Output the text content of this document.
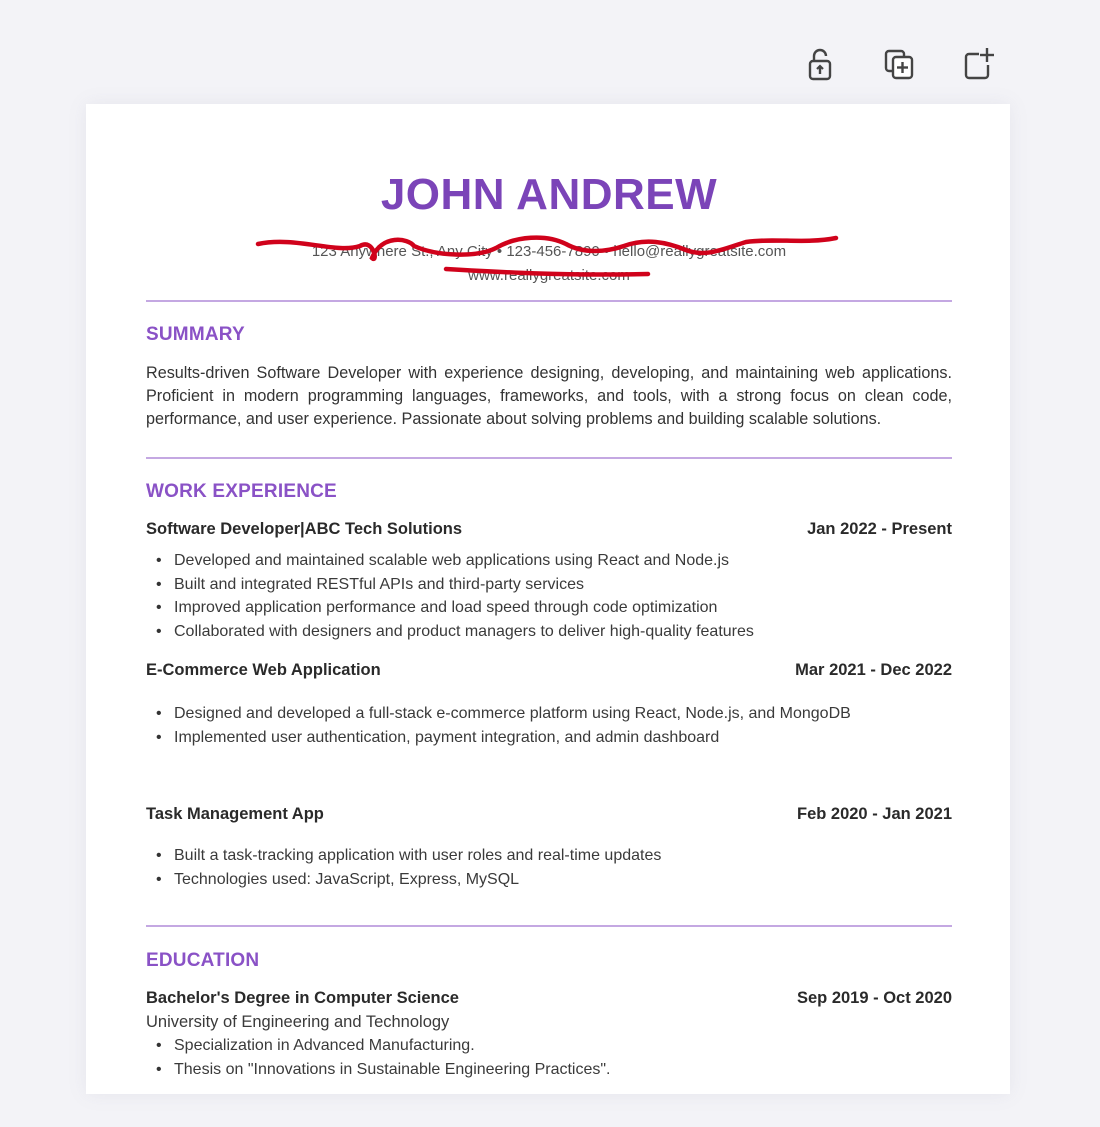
JOHN ANDREW
123 Anywhere St., Any City • 123-456-7890 • hello@reallygreatsite.com
www.reallygreatsite.com
SUMMARY
Results-driven Software Developer with experience designing, developing, and maintaining web applications. Proficient in modern programming languages, frameworks, and tools, with a strong focus on clean code, performance, and user experience. Passionate about solving problems and building scalable solutions.
WORK EXPERIENCE
Software Developer|ABC Tech Solutions	Jan 2022 - Present
• Developed and maintained scalable web applications using React and Node.js
• Built and integrated RESTful APIs and third-party services
• Improved application performance and load speed through code optimization
• Collaborated with designers and product managers to deliver high-quality features
E-Commerce Web Application	Mar 2021 - Dec 2022
• Designed and developed a full-stack e-commerce platform using React, Node.js, and MongoDB
• Implemented user authentication, payment integration, and admin dashboard
Task Management App	Feb 2020 - Jan 2021
• Built a task-tracking application with user roles and real-time updates
• Technologies used: JavaScript, Express, MySQL
EDUCATION
Bachelor's Degree in Computer Science	Sep 2019 - Oct 2020
University of Engineering and Technology
• Specialization in Advanced Manufacturing.
• Thesis on "Innovations in Sustainable Engineering Practices".
